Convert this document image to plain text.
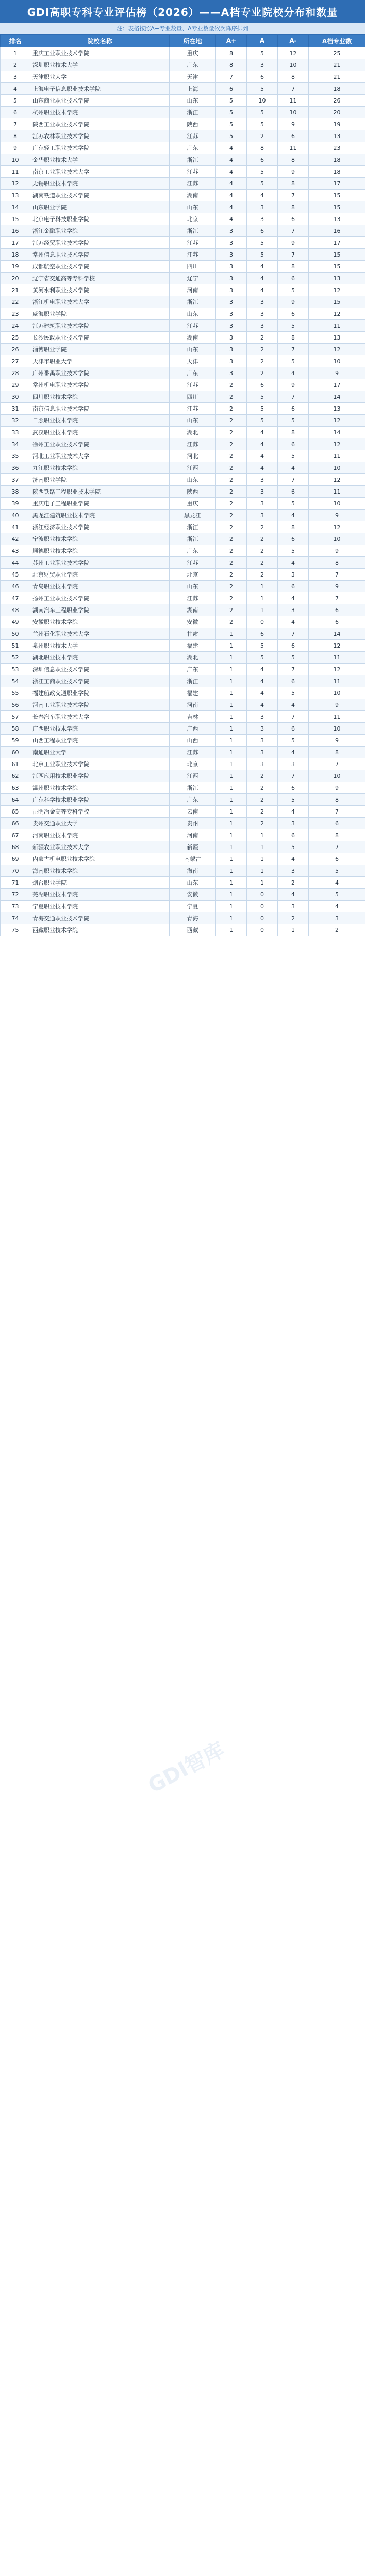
GDI高职专科专业评估榜（2026）——A档专业院校分布和数量
注：表格按照A+专业数量、A专业数量依次降序排列
排名	院校名称	所在地	A+	A	A-	A档专业数
1	重庆工业职业技术学院	重庆	8	5	12	25
2	深圳职业技术大学	广东	8	3	10	21
3	天津职业大学	天津	7	6	8	21
4	上海电子信息职业技术学院	上海	6	5	7	18
5	山东商业职业技术学院	山东	5	10	11	26
6	杭州职业技术学院	浙江	5	5	10	20
7	陕西工业职业技术学院	陕西	5	5	9	19
8	江苏农林职业技术学院	江苏	5	2	6	13
9	广东轻工职业技术学院	广东	4	8	11	23
10	金华职业技术大学	浙江	4	6	8	18
11	南京工业职业技术大学	江苏	4	5	9	18
12	无锡职业技术学院	江苏	4	5	8	17
13	湖南铁道职业技术学院	湖南	4	4	7	15
14	山东职业学院	山东	4	3	8	15
15	北京电子科技职业学院	北京	4	3	6	13
16	浙江金融职业学院	浙江	3	6	7	16
17	江苏经贸职业技术学院	江苏	3	5	9	17
18	常州信息职业技术学院	江苏	3	5	7	15
19	成都航空职业技术学院	四川	3	4	8	15
20	辽宁省交通高等专科学校	辽宁	3	4	6	13
21	黄河水利职业技术学院	河南	3	4	5	12
22	浙江机电职业技术大学	浙江	3	3	9	15
23	威海职业学院	山东	3	3	6	12
24	江苏建筑职业技术学院	江苏	3	3	5	11
25	长沙民政职业技术学院	湖南	3	2	8	13
26	淄博职业学院	山东	3	2	7	12
27	天津市职业大学	天津	3	2	5	10
28	广州番禺职业技术学院	广东	3	2	4	9
29	常州机电职业技术学院	江苏	2	6	9	17
30	四川职业技术学院	四川	2	5	7	14
31	南京信息职业技术学院	江苏	2	5	6	13
32	日照职业技术学院	山东	2	5	5	12
33	武汉职业技术学院	湖北	2	4	8	14
34	徐州工业职业技术学院	江苏	2	4	6	12
35	河北工业职业技术大学	河北	2	4	5	11
36	九江职业技术学院	江西	2	4	4	10
37	济南职业学院	山东	2	3	7	12
38	陕西铁路工程职业技术学院	陕西	2	3	6	11
39	重庆电子工程职业学院	重庆	2	3	5	10
40	黑龙江建筑职业技术学院	黑龙江	2	3	4	9
41	浙江经济职业技术学院	浙江	2	2	8	12
42	宁波职业技术学院	浙江	2	2	6	10
43	顺德职业技术学院	广东	2	2	5	9
44	苏州工业职业技术学院	江苏	2	2	4	8
45	北京财贸职业学院	北京	2	2	3	7
46	青岛职业技术学院	山东	2	1	6	9
47	扬州工业职业技术学院	江苏	2	1	4	7
48	湖南汽车工程职业学院	湖南	2	1	3	6
49	安徽职业技术学院	安徽	2	0	4	6
50	兰州石化职业技术大学	甘肃	1	6	7	14
51	泉州职业技术大学	福建	1	5	6	12
52	湖北职业技术学院	湖北	1	5	5	11
53	深圳信息职业技术学院	广东	1	4	7	12
54	浙江工商职业技术学院	浙江	1	4	6	11
55	福建船政交通职业学院	福建	1	4	5	10
56	河南工业职业技术学院	河南	1	4	4	9
57	长春汽车职业技术大学	吉林	1	3	7	11
58	广西职业技术学院	广西	1	3	6	10
59	山西工程职业学院	山西	1	3	5	9
60	南通职业大学	江苏	1	3	4	8
61	北京工业职业技术学院	北京	1	3	3	7
62	江西应用技术职业学院	江西	1	2	7	10
63	温州职业技术学院	浙江	1	2	6	9
64	广东科学技术职业学院	广东	1	2	5	8
65	昆明冶金高等专科学校	云南	1	2	4	7
66	贵州交通职业大学	贵州	1	2	3	6
67	河南职业技术学院	河南	1	1	6	8
68	新疆农业职业技术大学	新疆	1	1	5	7
69	内蒙古机电职业技术学院	内蒙古	1	1	4	6
70	海南职业技术学院	海南	1	1	3	5
71	烟台职业学院	山东	1	1	2	4
72	芜湖职业技术学院	安徽	1	0	4	5
73	宁夏职业技术学院	宁夏	1	0	3	4
74	青海交通职业技术学院	青海	1	0	2	3
75	西藏职业技术学院	西藏	1	0	1	2
GDI智库
